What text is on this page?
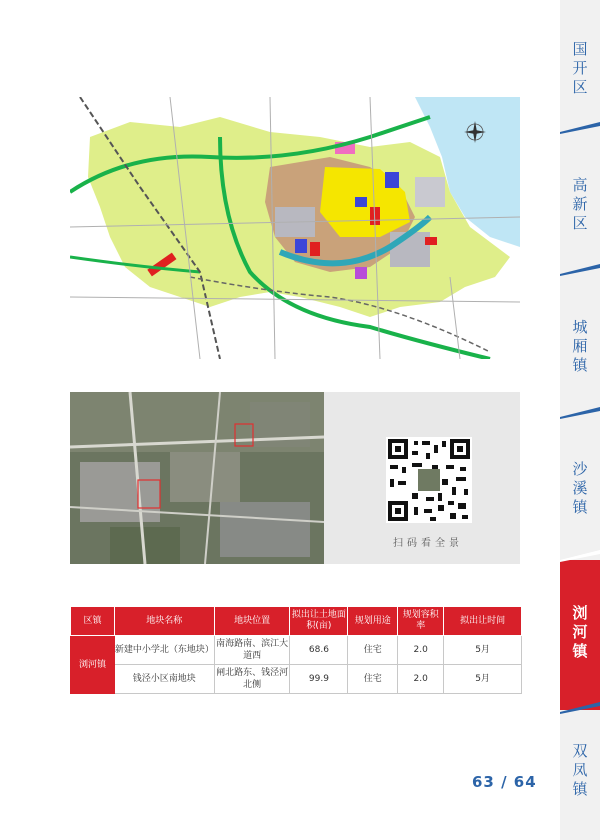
国
开
区
高
新
区
城
厢
镇
沙
溪
镇
浏
河
镇
双
凤
镇
扫码看全景
区镇	地块名称	地块位置	拟出让土地面积(亩)	规划用途	规划容积率	拟出让时间
浏河镇	新建中小学北（东地块）	南海路南、滨江大道西	68.6	住宅	2.0	5月
	钱泾小区南地块	闸北路东、钱泾河北侧	99.9	住宅	2.0	5月
63 / 64
